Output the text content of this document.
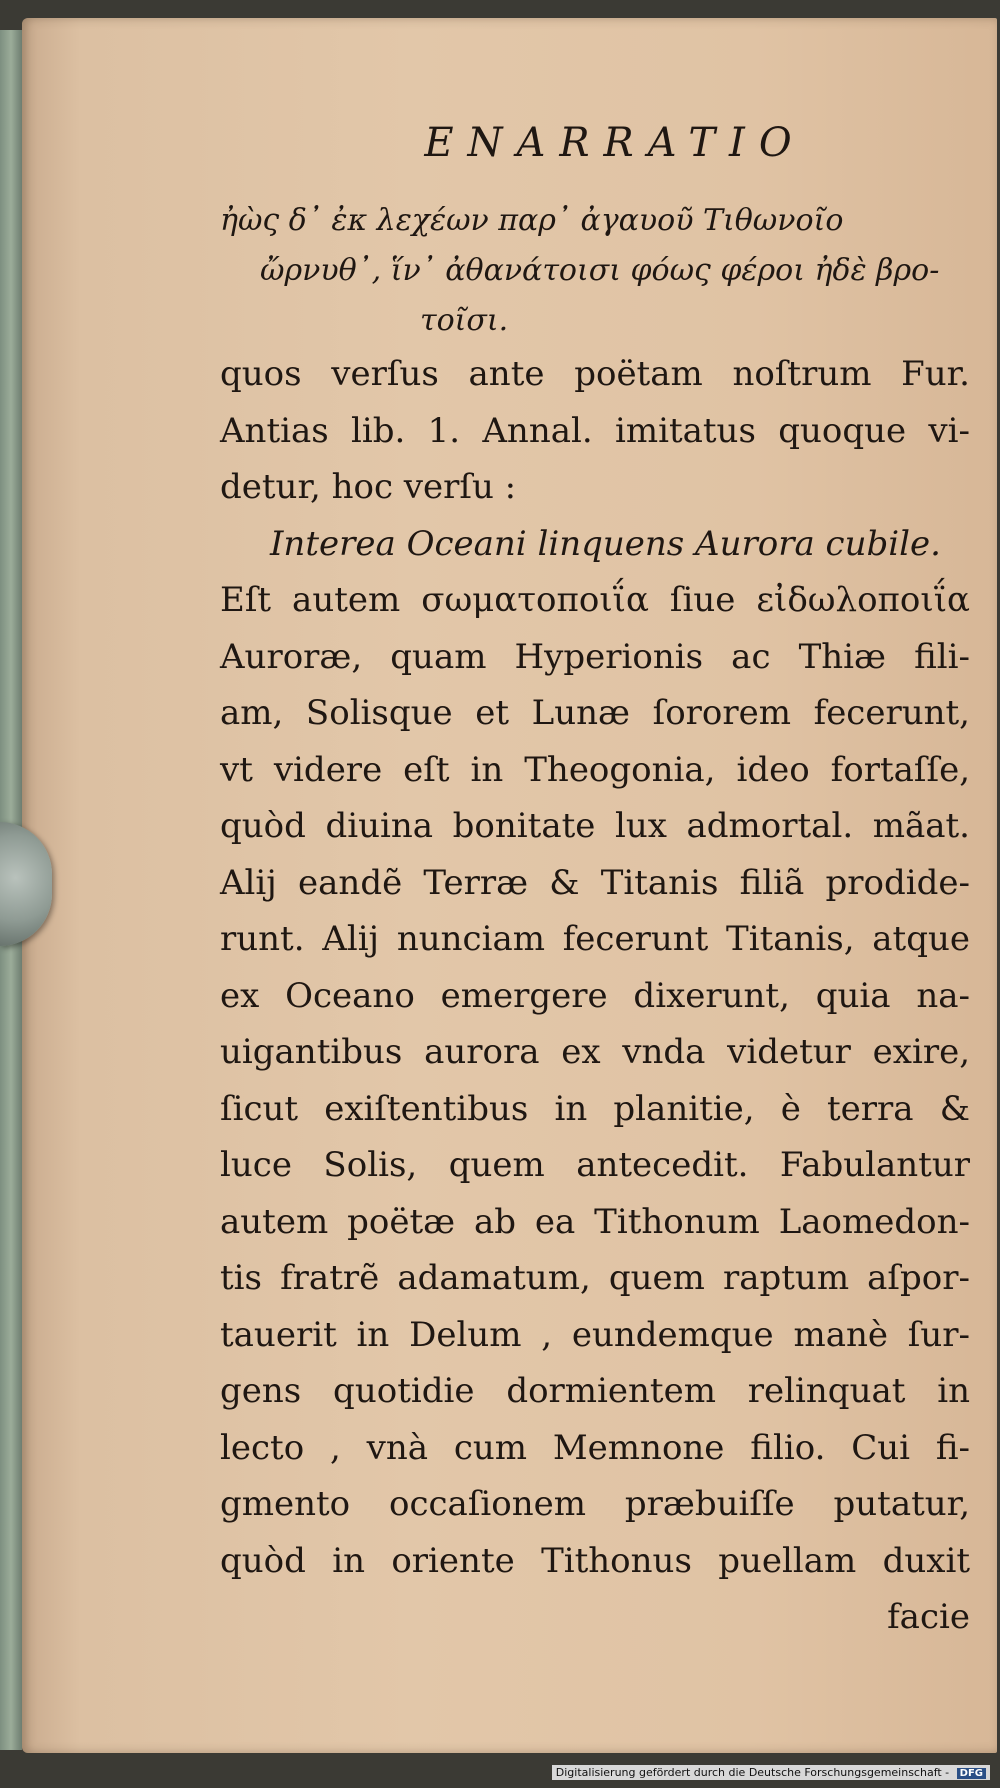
ENARRATIO

ἠὼς δ᾽ ἐκ λεχέων παρ᾽ ἀγαυοῦ Τιθωνοῖο

ὤρνυθ᾽, ἵν᾽ ἀθανάτοισι φόως φέροι ἠδὲ βρο-

τοῖσι.

quos verſus ante poëtam noſtrum Fur.

Antias lib. 1. Annal. imitatus quoque vi-

detur, hoc verſu :

Interea Oceani linquens Aurora cubile.

Eſt autem σωματοποιΐα ſiue εἰδωλοποιΐα

Auroræ, quam Hyperionis ac Thiæ fili-

am, Solisque et Lunæ ſororem fecerunt,

vt videre eſt in Theogonia, ideo fortaſſe,

quòd diuina bonitate lux admortal. mãat.

Alij eandẽ Terræ & Titanis filiã prodide-

runt. Alij nunciam fecerunt Titanis, atque

ex Oceano emergere dixerunt, quia na-

uigantibus aurora ex vnda videtur exire,

ſicut exiſtentibus in planitie, è terra &

luce Solis, quem antecedit. Fabulantur

autem poëtæ ab ea Tithonum Laomedon-

tis fratrẽ adamatum, quem raptum aſpor-

tauerit in Delum , eundemque manè ſur-

gens quotidie dormientem relinquat in

lecto , vnà cum Memnone filio. Cui fi-

gmento occaſionem præbuiſſe putatur,

quòd in oriente Tithonus puellam duxit

facie

Digitalisierung gefördert durch die Deutsche Forschungsgemeinschaft - DFG
